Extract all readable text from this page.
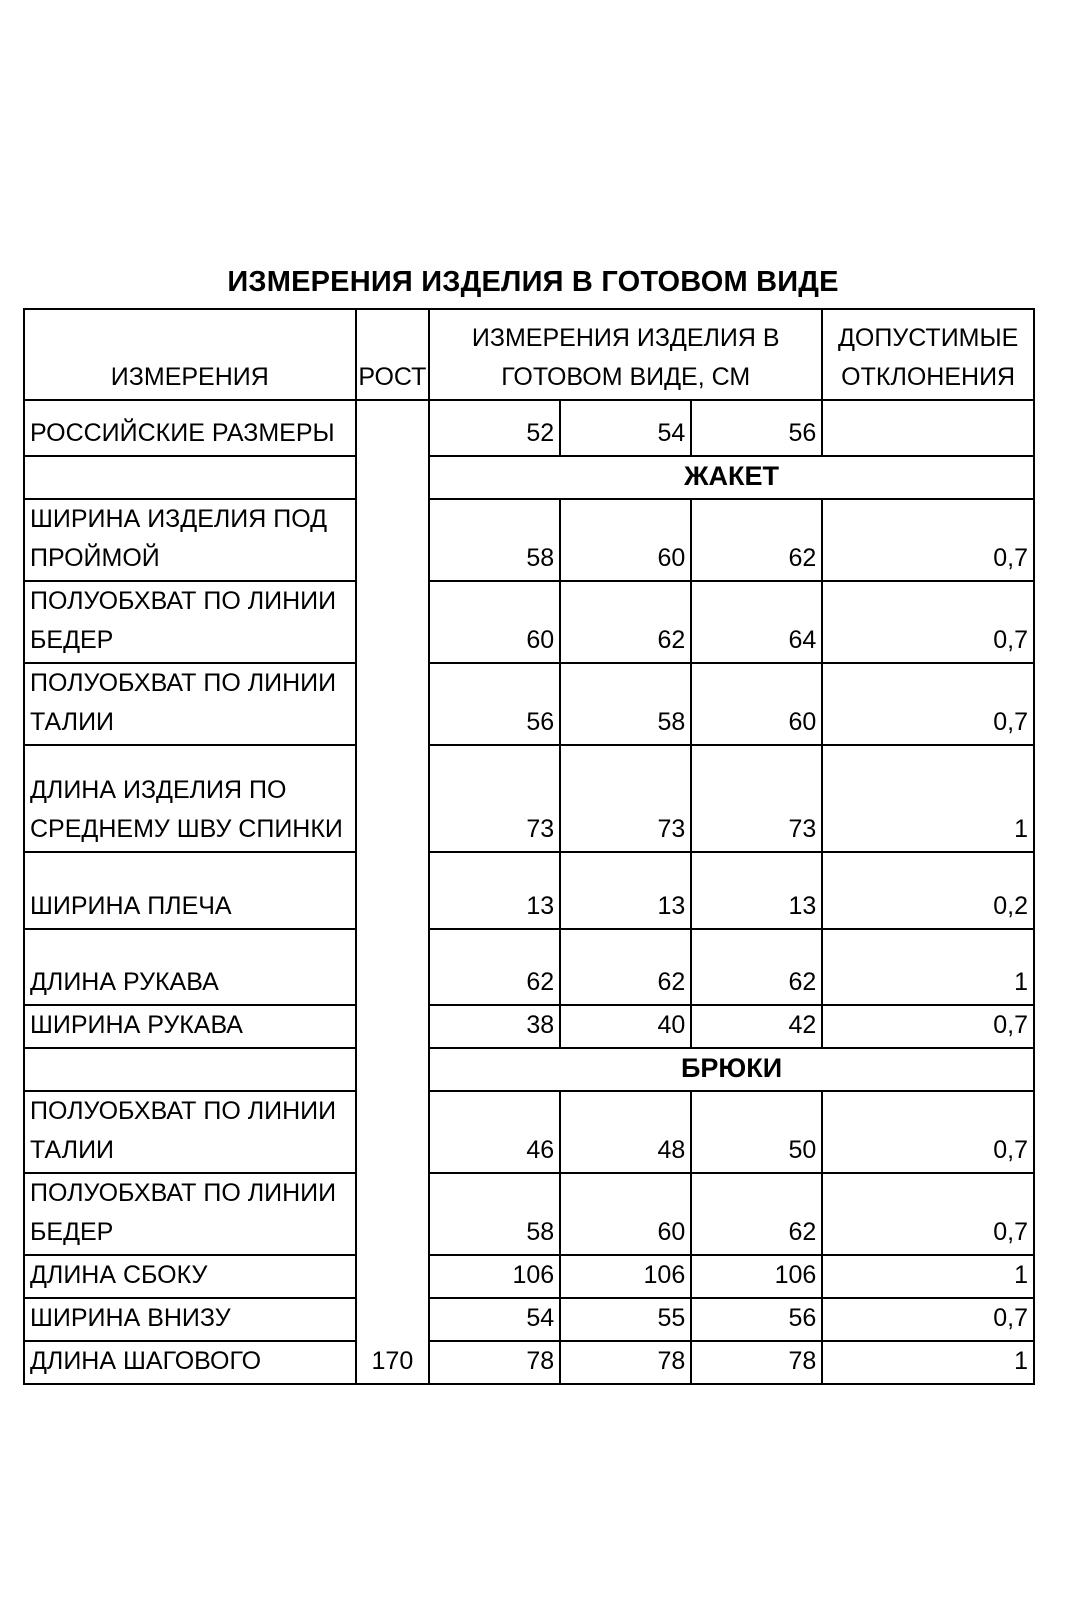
ИЗМЕРЕНИЯ ИЗДЕЛИЯ В ГОТОВОМ ВИДЕ
ИЗМЕРЕНИЯ	РОСТ	ИЗМЕРЕНИЯ ИЗДЕЛИЯ В ГОТОВОМ ВИДЕ, СМ			ДОПУСТИМЫЕ ОТКЛОНЕНИЯ
РОССИЙСКИЕ РАЗМЕРЫ	170	52	54	56	
		ЖАКЕТ			
ШИРИНА ИЗДЕЛИЯ ПОД ПРОЙМОЙ		58	60	62	0,7
ПОЛУОБХВАТ ПО ЛИНИИ БЕДЕР		60	62	64	0,7
ПОЛУОБХВАТ ПО ЛИНИИ ТАЛИИ		56	58	60	0,7
ДЛИНА ИЗДЕЛИЯ ПО СРЕДНЕМУ ШВУ СПИНКИ		73	73	73	1
ШИРИНА ПЛЕЧА		13	13	13	0,2
ДЛИНА РУКАВА		62	62	62	1
ШИРИНА РУКАВА		38	40	42	0,7
		БРЮКИ			
ПОЛУОБХВАТ ПО ЛИНИИ ТАЛИИ		46	48	50	0,7
ПОЛУОБХВАТ ПО ЛИНИИ БЕДЕР		58	60	62	0,7
ДЛИНА СБОКУ		106	106	106	1
ШИРИНА ВНИЗУ		54	55	56	0,7
ДЛИНА ШАГОВОГО		78	78	78	1
